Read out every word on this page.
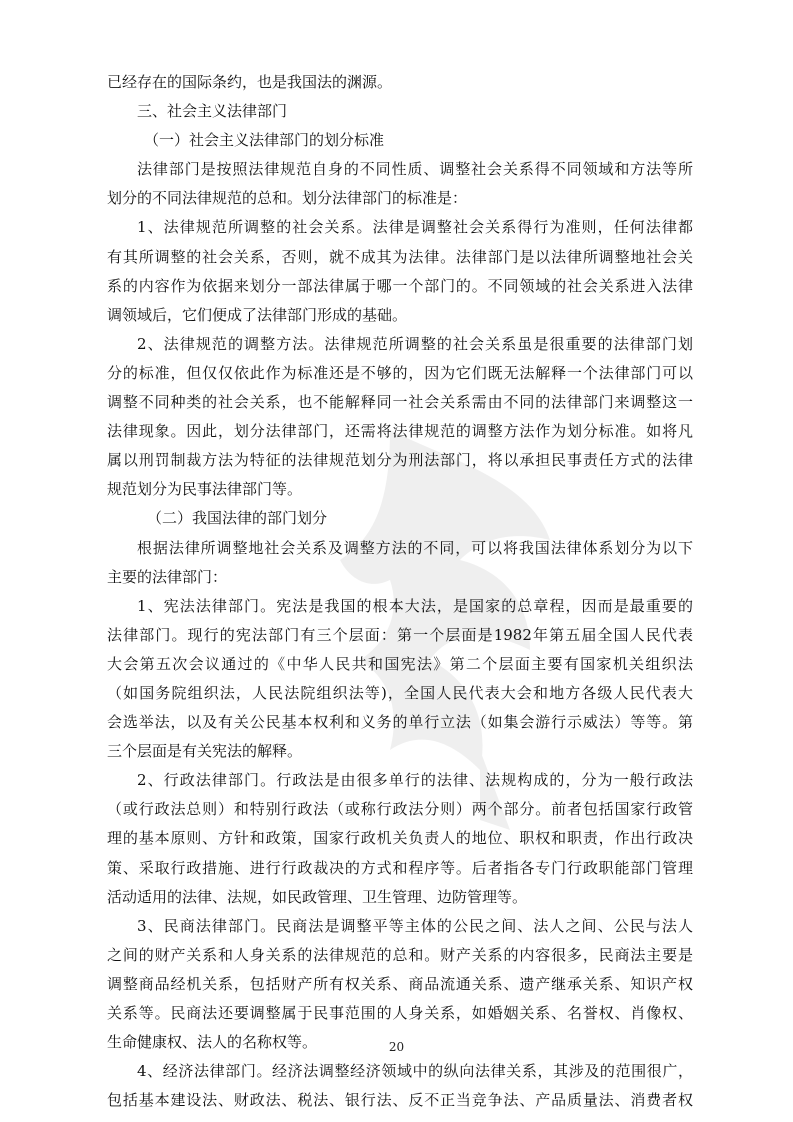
已经存在的国际条约，也是我国法的渊源。
三、社会主义法律部门
（一）社会主义法律部门的划分标准
法律部门是按照法律规范自身的不同性质、调整社会关系得不同领域和方法等所
划分的不同法律规范的总和。划分法律部门的标准是：
1、法律规范所调整的社会关系。法律是调整社会关系得行为准则，任何法律都
有其所调整的社会关系，否则，就不成其为法律。法律部门是以法律所调整地社会关
系的内容作为依据来划分一部法律属于哪一个部门的。不同领域的社会关系进入法律
调领域后，它们便成了法律部门形成的基础。
2、法律规范的调整方法。法律规范所调整的社会关系虽是很重要的法律部门划
分的标准，但仅仅依此作为标准还是不够的，因为它们既无法解释一个法律部门可以
调整不同种类的社会关系，也不能解释同一社会关系需由不同的法律部门来调整这一
法律现象。因此，划分法律部门，还需将法律规范的调整方法作为划分标准。如将凡
属以刑罚制裁方法为特征的法律规范划分为刑法部门，将以承担民事责任方式的法律
规范划分为民事法律部门等。
（二）我国法律的部门划分
根据法律所调整地社会关系及调整方法的不同，可以将我国法律体系划分为以下
主要的法律部门：
1、宪法法律部门。宪法是我国的根本大法，是国家的总章程，因而是最重要的
法律部门。现行的宪法部门有三个层面：第一个层面是1982年第五届全国人民代表
大会第五次会议通过的《中华人民共和国宪法》第二个层面主要有国家机关组织法
（如国务院组织法，人民法院组织法等)，全国人民代表大会和地方各级人民代表大
会选举法，以及有关公民基本权利和义务的单行立法（如集会游行示威法）等等。第
三个层面是有关宪法的解释。
2、行政法律部门。行政法是由很多单行的法律、法规构成的，分为一般行政法
（或行政法总则）和特别行政法（或称行政法分则）两个部分。前者包括国家行政管
理的基本原则、方针和政策，国家行政机关负责人的地位、职权和职责，作出行政决
策、采取行政措施、进行行政裁决的方式和程序等。后者指各专门行政职能部门管理
活动适用的法律、法规，如民政管理、卫生管理、边防管理等。
3、民商法律部门。民商法是调整平等主体的公民之间、法人之间、公民与法人
之间的财产关系和人身关系的法律规范的总和。财产关系的内容很多，民商法主要是
调整商品经机关系，包括财产所有权关系、商品流通关系、遗产继承关系、知识产权
关系等。民商法还要调整属于民事范围的人身关系，如婚姻关系、名誉权、肖像权、
生命健康权、法人的名称权等。
4、经济法律部门。经济法调整经济领域中的纵向法律关系，其涉及的范围很广，
包括基本建设法、财政法、税法、银行法、反不正当竞争法、产品质量法、消费者权
20
